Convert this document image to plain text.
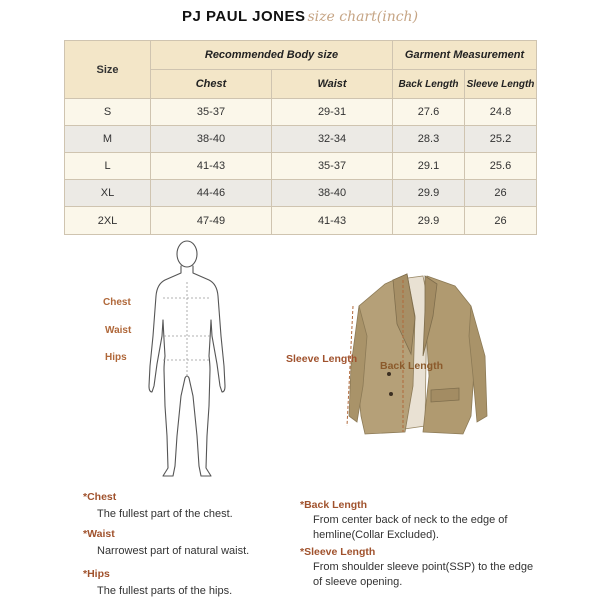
PJ PAUL JONES size chart(inch)
Size	Recommended Body size		Garment Measurement	
	Chest	Waist	Back Length	Sleeve Length
S	35-37	29-31	27.6	24.8
M	38-40	32-34	28.3	25.2
L	41-43	35-37	29.1	25.6
XL	44-46	38-40	29.9	26
2XL	47-49	41-43	29.9	26
Chest
Waist
Hips	Sleeve Length
Back Length
*Chest
The fullest part of the chest.
*Waist
Narrowest part of natural waist.
*Hips
The fullest parts of the hips.
*Back Length
From center back of neck to the edge of hemline(Collar Excluded).
*Sleeve Length
From shoulder sleeve point(SSP) to the edge of sleeve opening.
